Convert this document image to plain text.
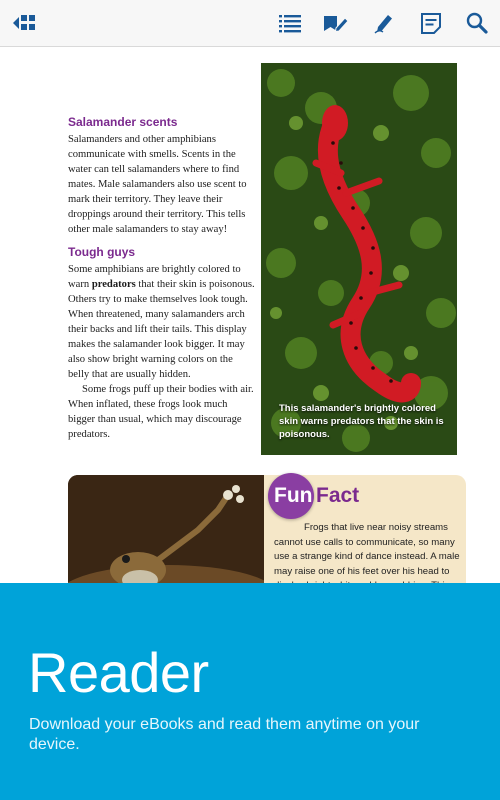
Salamander scents

Salamanders and other amphibians communicate with smells. Scents in the water can tell salamanders where to find mates. Male salamanders also use scent to mark their territory. They leave their droppings around their territory. This tells other male salamanders to stay away!

Tough guys

Some amphibians are brightly colored to warn predators that their skin is poisonous. Others try to make themselves look tough. When threatened, many salamanders arch their backs and lift their tails. This display makes the salamander look bigger. It may also show bright warning colors on the belly that are usually hidden.

Some frogs puff up their bodies with air. When inflated, these frogs look much bigger than usual, which may discourage predators.

This salamander's brightly colored skin warns predators that the skin is poisonous.
Fun Fact
Frogs that live near noisy streams cannot use calls to communicate, so many use a strange kind of dance instead. A male may raise one of his feet over his head to
Reader
Download your eBooks and read them anytime on your device.
